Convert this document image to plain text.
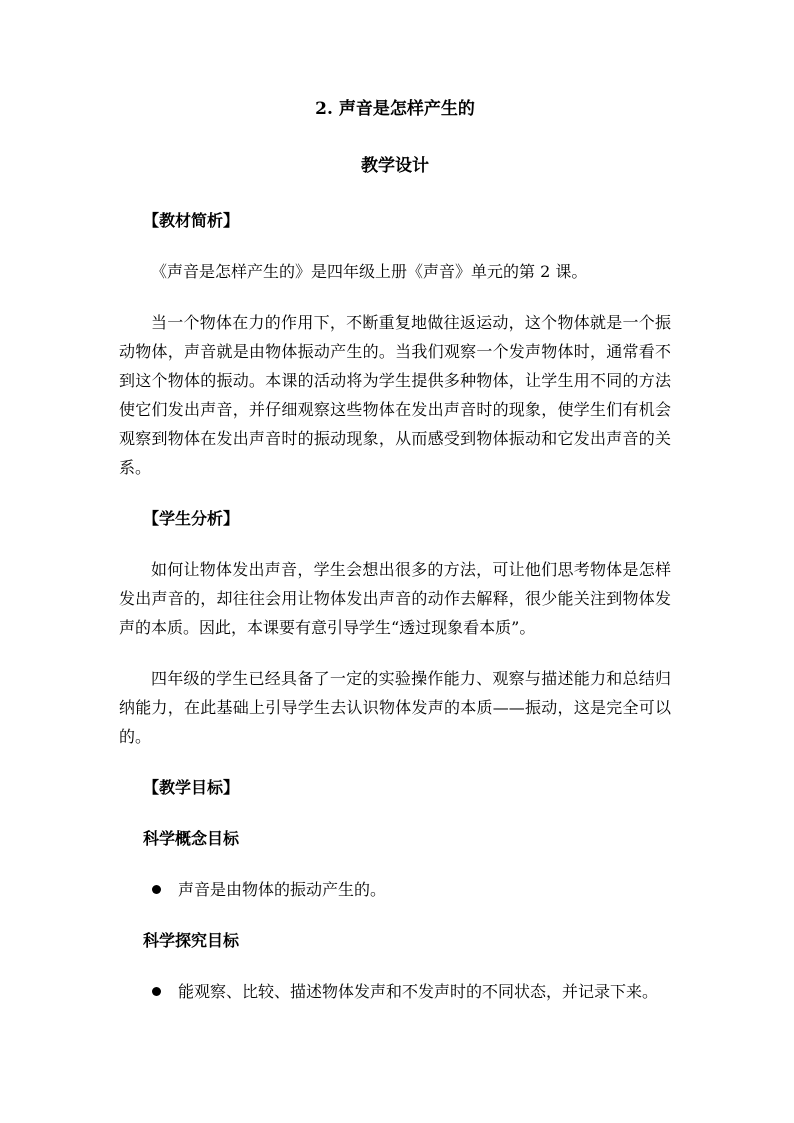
2. 声音是怎样产生的
教学设计

【教材简析】

《声音是怎样产生的》是四年级上册《声音》单元的第 2 课。

当一个物体在力的作用下，不断重复地做往返运动，这个物体就是一个振动物体，声音就是由物体振动产生的。当我们观察一个发声物体时，通常看不到这个物体的振动。本课的活动将为学生提供多种物体，让学生用不同的方法使它们发出声音，并仔细观察这些物体在发出声音时的现象，使学生们有机会观察到物体在发出声音时的振动现象，从而感受到物体振动和它发出声音的关系。

【学生分析】

如何让物体发出声音，学生会想出很多的方法，可让他们思考物体是怎样发出声音的，却往往会用让物体发出声音的动作去解释，很少能关注到物体发声的本质。因此，本课要有意引导学生“透过现象看本质”。

四年级的学生已经具备了一定的实验操作能力、观察与描述能力和总结归纳能力，在此基础上引导学生去认识物体发声的本质——振动，这是完全可以的。

【教学目标】

科学概念目标

声音是由物体的振动产生的。

科学探究目标

能观察、比较、描述物体发声和不发声时的不同状态，并记录下来。
